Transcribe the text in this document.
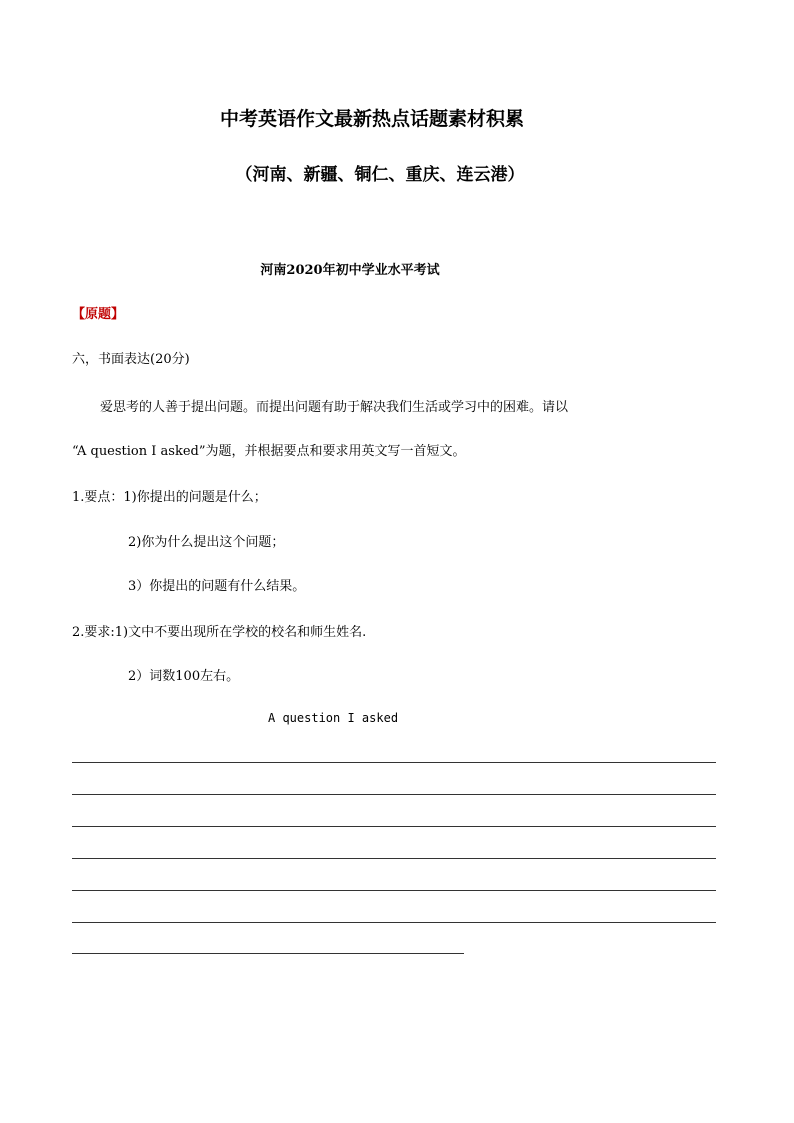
中考英语作文最新热点话题素材积累
（河南、新疆、铜仁、重庆、连云港）
河南2020年初中学业水平考试
【原题】
六，书面表达(20分)
爱思考的人善于提出问题。而提出问题有助于解决我们生活或学习中的困难。请以
“A question I asked”为题，并根据要点和要求用英文写一首短文。
1.要点：1)你提出的问题是什么；
2)你为什么提出这个问题；
3）你提出的问题有什么结果。
2.要求:1)文中不要出现所在学校的校名和师生姓名.
2）词数100左右。
A question I asked
